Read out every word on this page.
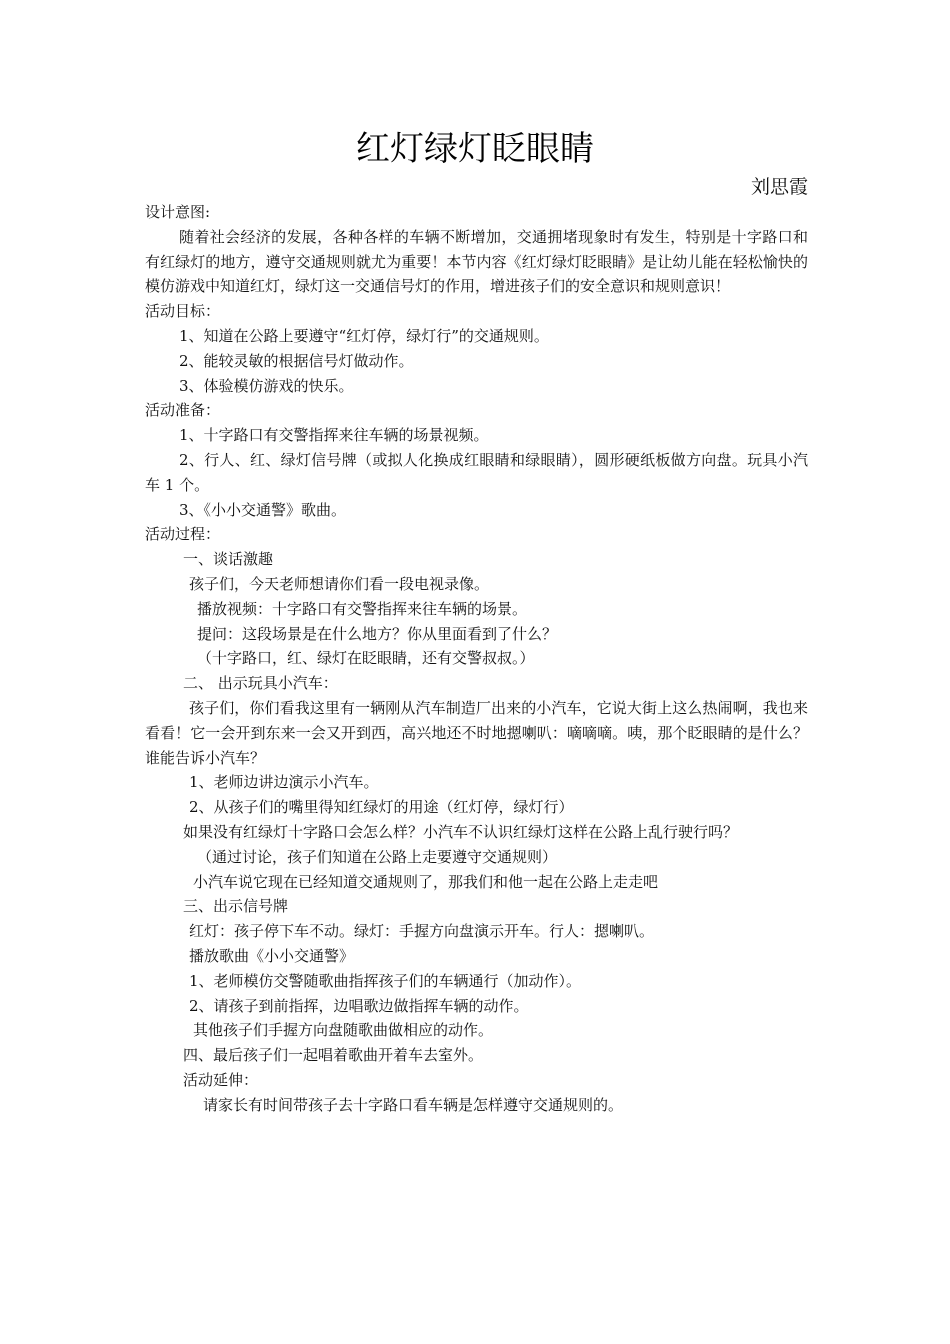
红灯绿灯眨眼睛
刘思霞

设计意图:

随着社会经济的发展，各种各样的车辆不断增加，交通拥堵现象时有发生，特别是十字路口和有红绿灯的地方，遵守交通规则就尤为重要！本节内容《红灯绿灯眨眼睛》是让幼儿能在轻松愉快的模仿游戏中知道红灯，绿灯这一交通信号灯的作用，增进孩子们的安全意识和规则意识！

活动目标：

1、知道在公路上要遵守“红灯停，绿灯行”的交通规则。

2、能较灵敏的根据信号灯做动作。

3、体验模仿游戏的快乐。

活动准备：

1、十字路口有交警指挥来往车辆的场景视频。

2、行人、红、绿灯信号牌（或拟人化换成红眼睛和绿眼睛），圆形硬纸板做方向盘。玩具小汽车 1 个。

3、《小小交通警》歌曲。

活动过程：

一、谈话激趣

孩子们，今天老师想请你们看一段电视录像。

播放视频：十字路口有交警指挥来往车辆的场景。

提问：这段场景是在什么地方？你从里面看到了什么？

（十字路口，红、绿灯在眨眼睛，还有交警叔叔。）

二、 出示玩具小汽车：

孩子们，你们看我这里有一辆刚从汽车制造厂出来的小汽车，它说大街上这么热闹啊，我也来看看！它一会开到东来一会又开到西，高兴地还不时地摁喇叭：嘀嘀嘀。咦，那个眨眼睛的是什么？谁能告诉小汽车？

1、老师边讲边演示小汽车。

2、从孩子们的嘴里得知红绿灯的用途（红灯停，绿灯行）

如果没有红绿灯十字路口会怎么样？小汽车不认识红绿灯这样在公路上乱行驶行吗？

（通过讨论，孩子们知道在公路上走要遵守交通规则）

小汽车说它现在已经知道交通规则了，那我们和他一起在公路上走走吧

三、出示信号牌

红灯：孩子停下车不动。绿灯：手握方向盘演示开车。行人：摁喇叭。

播放歌曲《小小交通警》

1、老师模仿交警随歌曲指挥孩子们的车辆通行（加动作）。

2、请孩子到前指挥，边唱歌边做指挥车辆的动作。

其他孩子们手握方向盘随歌曲做相应的动作。

四、最后孩子们一起唱着歌曲开着车去室外。

活动延伸：

请家长有时间带孩子去十字路口看车辆是怎样遵守交通规则的。
